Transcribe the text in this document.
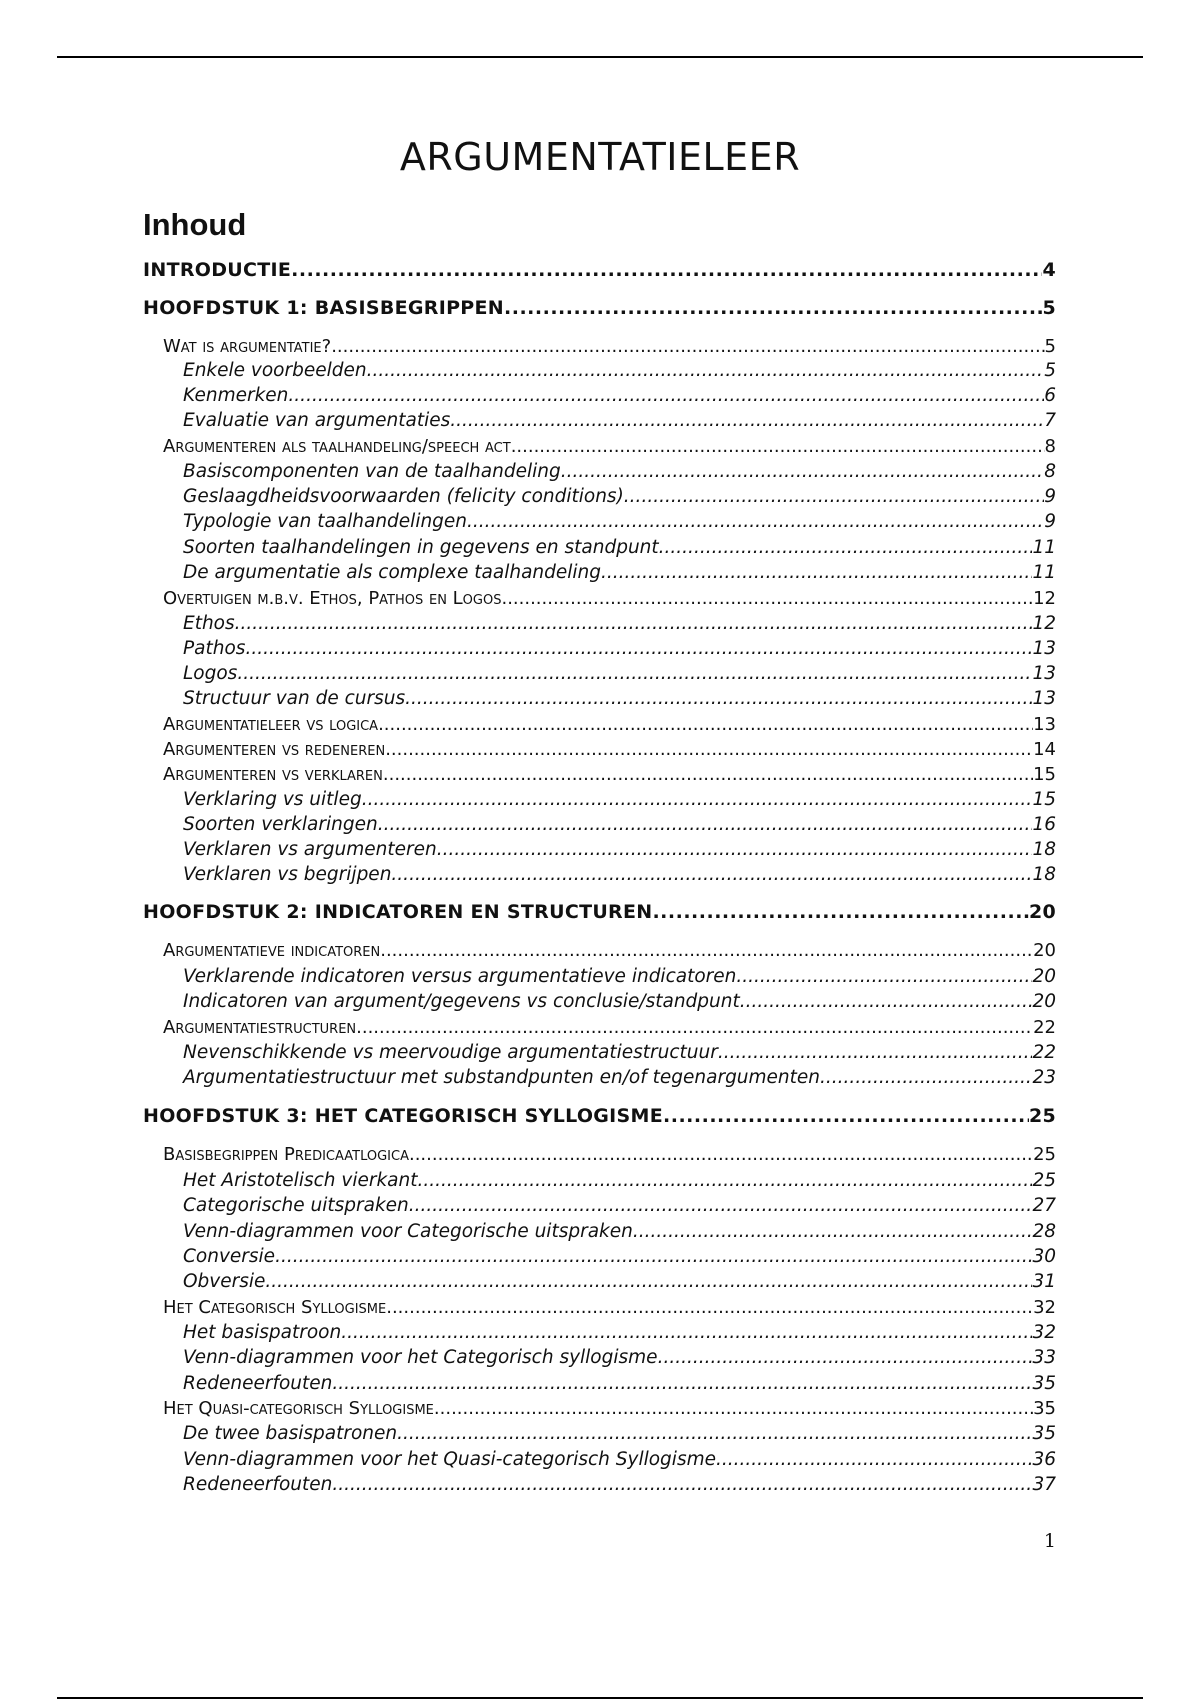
ARGUMENTATIELEER
Inhoud
INTRODUCTIE .....	4
HOOFDSTUK 1: BASISBEGRIPPEN .....	5
Wat is argumentatie? .....	5
Enkele voorbeelden .....	5
Kenmerken .....	6
Evaluatie van argumentaties .....	7
Argumenteren als taalhandeling/speech act .....	8
Basiscomponenten van de taalhandeling .....	8
Geslaagdheidsvoorwaarden (felicity conditions) .....	9
Typologie van taalhandelingen .....	9
Soorten taalhandelingen in gegevens en standpunt .....	11
De argumentatie als complexe taalhandeling .....	11
Overtuigen m.b.v. Ethos, Pathos en Logos .....	12
Ethos .....	12
Pathos .....	13
Logos .....	13
Structuur van de cursus .....	13
Argumentatieleer vs logica .....	13
Argumenteren vs redeneren .....	14
Argumenteren vs verklaren .....	15
Verklaring vs uitleg .....	15
Soorten verklaringen .....	16
Verklaren vs argumenteren .....	18
Verklaren vs begrijpen .....	18
HOOFDSTUK 2: INDICATOREN EN STRUCTUREN .....	20
Argumentatieve indicatoren .....	20
Verklarende indicatoren versus argumentatieve indicatoren .....	20
Indicatoren van argument/gegevens vs conclusie/standpunt .....	20
Argumentatiestructuren .....	22
Nevenschikkende vs meervoudige argumentatiestructuur .....	22
Argumentatiestructuur met substandpunten en/of tegenargumenten .....	23
HOOFDSTUK 3: HET CATEGORISCH SYLLOGISME .....	25
Basisbegrippen Predicaatlogica .....	25
Het Aristotelisch vierkant .....	25
Categorische uitspraken .....	27
Venn-diagrammen voor Categorische uitspraken .....	28
Conversie .....	30
Obversie .....	31
Het Categorisch Syllogisme .....	32
Het basispatroon .....	32
Venn-diagrammen voor het Categorisch syllogisme .....	33
Redeneerfouten .....	35
Het Quasi-categorisch Syllogisme .....	35
De twee basispatronen .....	35
Venn-diagrammen voor het Quasi-categorisch Syllogisme .....	36
Redeneerfouten .....	37
1
